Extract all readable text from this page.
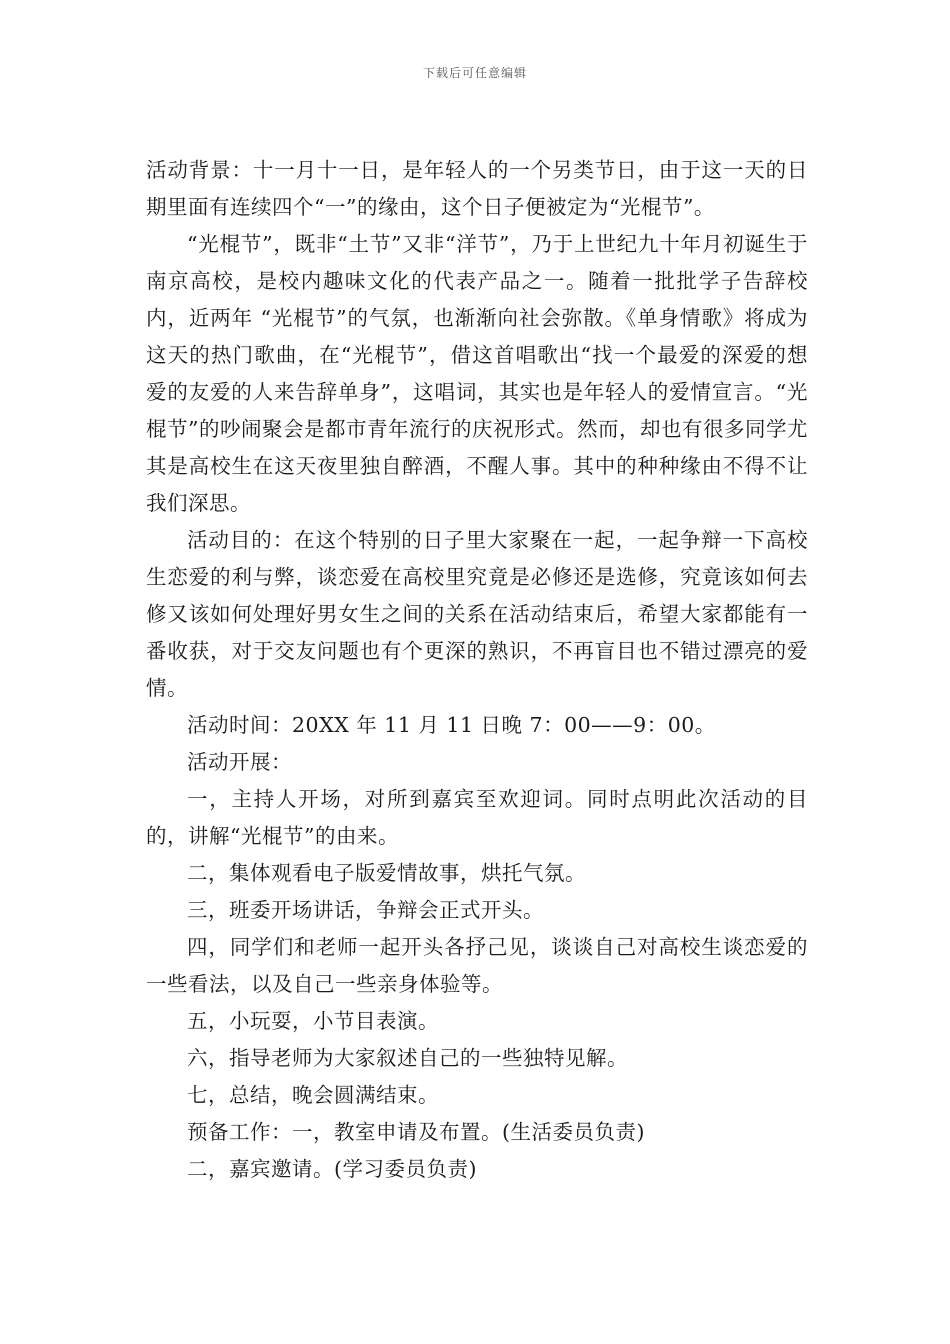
下载后可任意编辑

活动背景：十一月十一日，是年轻人的一个另类节日，由于这一天的日期里面有连续四个“一”的缘由，这个日子便被定为“光棍节”。

“光棍节”，既非“土节”又非“洋节”，乃于上世纪九十年月初诞生于南京高校，是校内趣味文化的代表产品之一。随着一批批学子告辞校内，近两年 “光棍节”的气氛，也渐渐向社会弥散。《单身情歌》将成为这天的热门歌曲，在“光棍节”，借这首唱歌出“找一个最爱的深爱的想爱的友爱的人来告辞单身”，这唱词，其实也是年轻人的爱情宣言。“光棍节”的吵闹聚会是都市青年流行的庆祝形式。然而，却也有很多同学尤其是高校生在这天夜里独自醉酒，不醒人事。其中的种种缘由不得不让我们深思。

活动目的：在这个特别的日子里大家聚在一起，一起争辩一下高校生恋爱的利与弊，谈恋爱在高校里究竟是必修还是选修，究竟该如何去修又该如何处理好男女生之间的关系在活动结束后，希望大家都能有一番收获，对于交友问题也有个更深的熟识，不再盲目也不错过漂亮的爱情。

活动时间：20XX 年 11 月 11 日晚 7：00——9：00。

活动开展：

一，主持人开场，对所到嘉宾至欢迎词。同时点明此次活动的目的，讲解“光棍节”的由来。

二，集体观看电子版爱情故事，烘托气氛。

三，班委开场讲话，争辩会正式开头。

四，同学们和老师一起开头各抒己见，谈谈自己对高校生谈恋爱的一些看法，以及自己一些亲身体验等。

五，小玩耍，小节目表演。

六，指导老师为大家叙述自己的一些独特见解。

七，总结，晚会圆满结束。

预备工作：一，教室申请及布置。(生活委员负责)

二，嘉宾邀请。(学习委员负责)
